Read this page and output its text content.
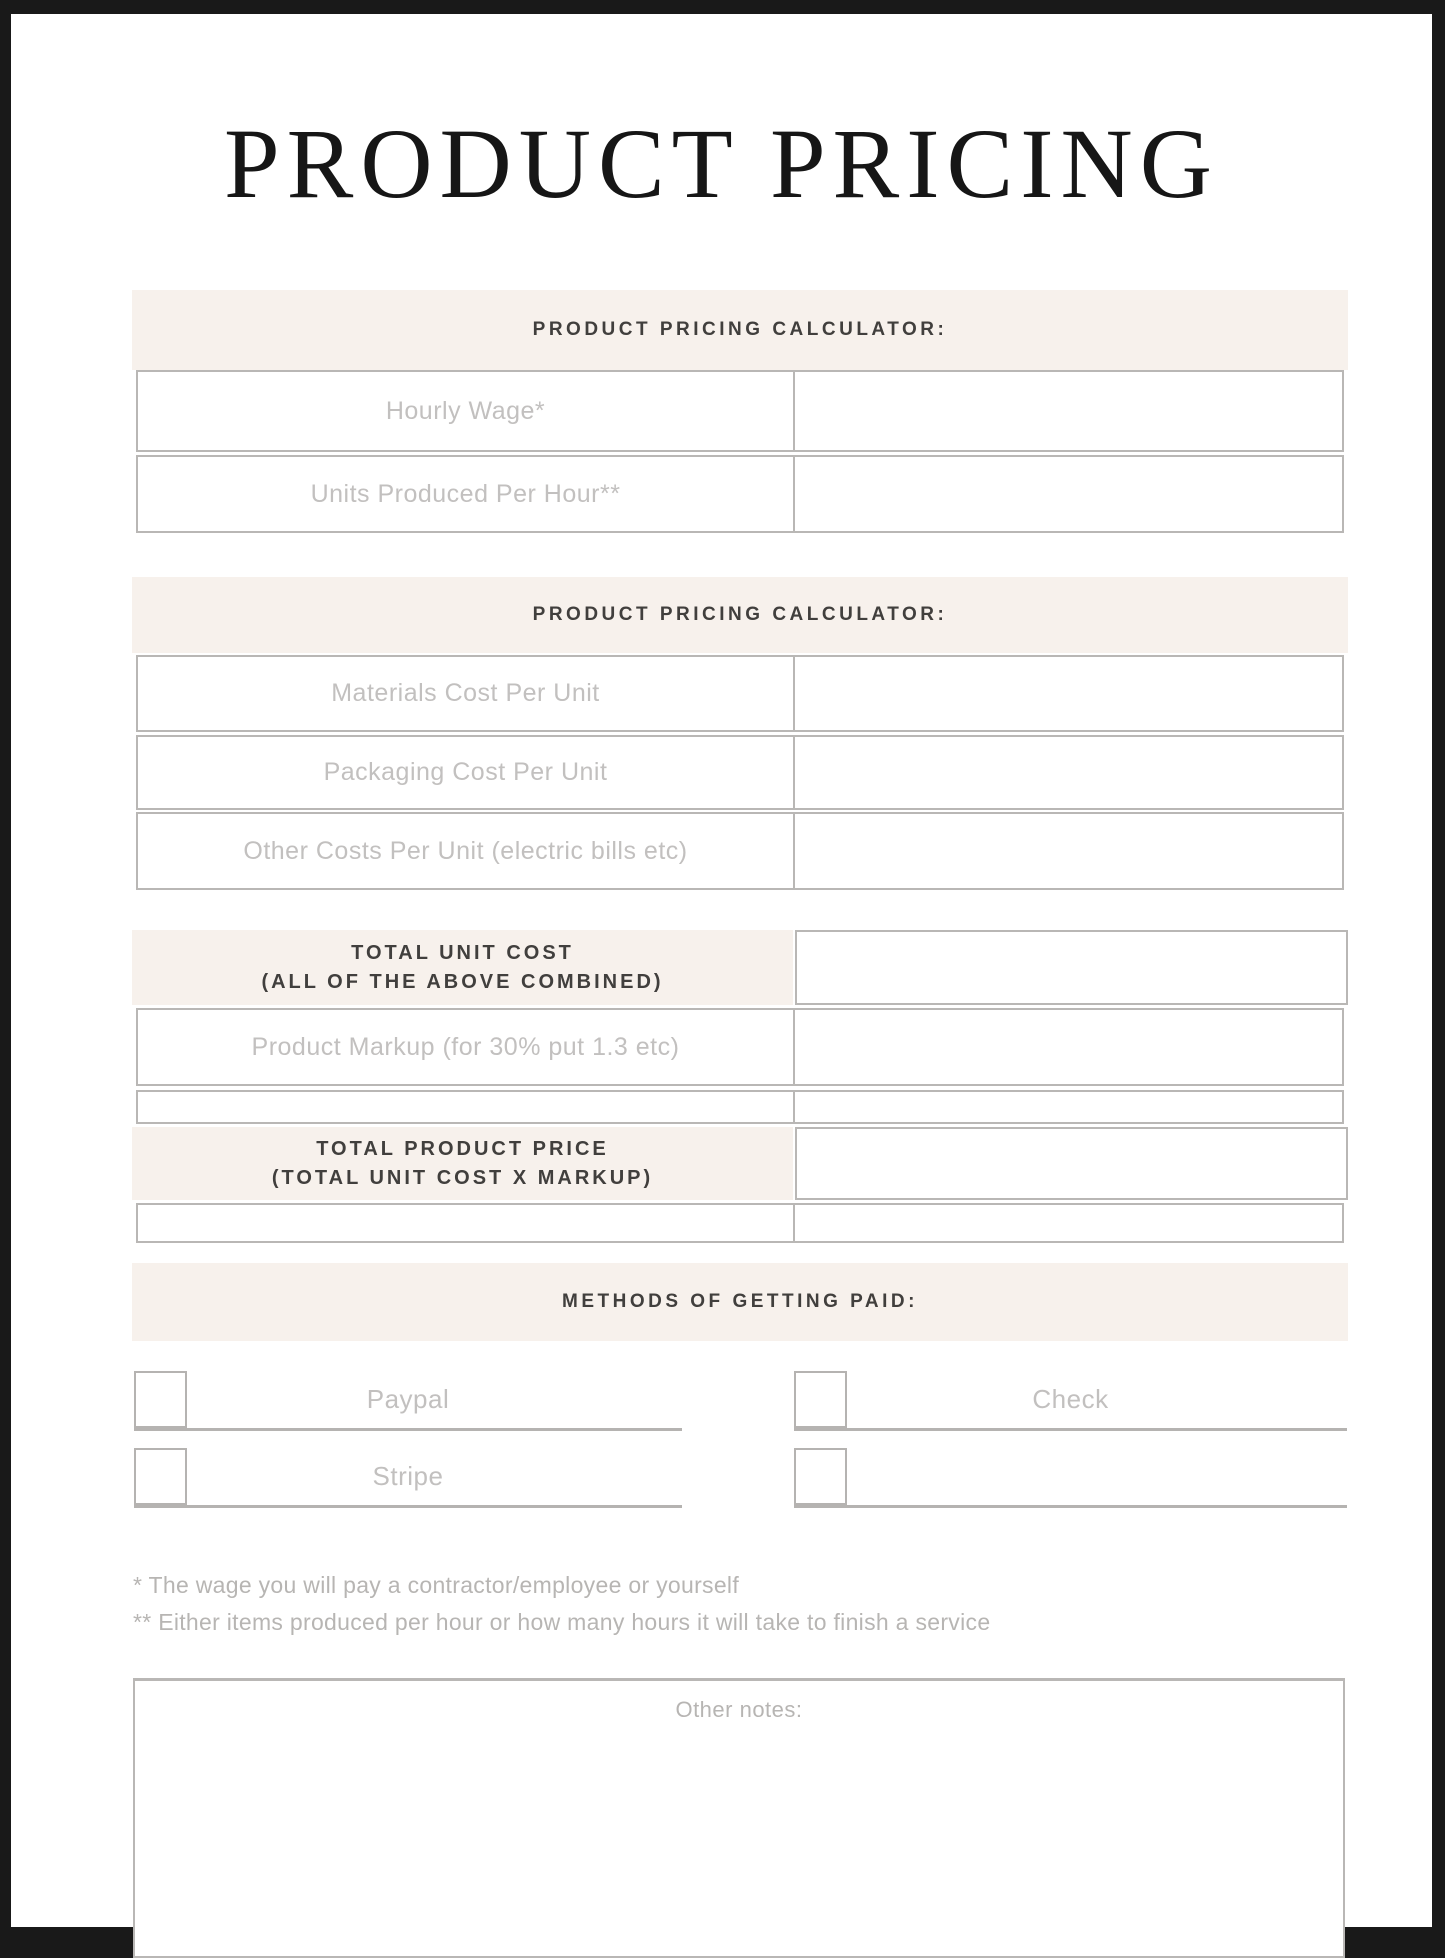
PRODUCT PRICING
PRODUCT PRICING CALCULATOR:
Hourly Wage*
Units Produced Per Hour**
PRODUCT PRICING CALCULATOR:
Materials Cost Per Unit
Packaging Cost Per Unit
Other Costs Per Unit (electric bills etc)
TOTAL UNIT COST
(ALL OF THE ABOVE COMBINED)
Product Markup (for 30% put 1.3 etc)
TOTAL PRODUCT PRICE
(TOTAL UNIT COST X MARKUP)
METHODS OF GETTING PAID:
Paypal	Check
Stripe
* The wage you will pay a contractor/employee or yourself
** Either items produced per hour or how many hours it will take to finish a service
Other notes:
